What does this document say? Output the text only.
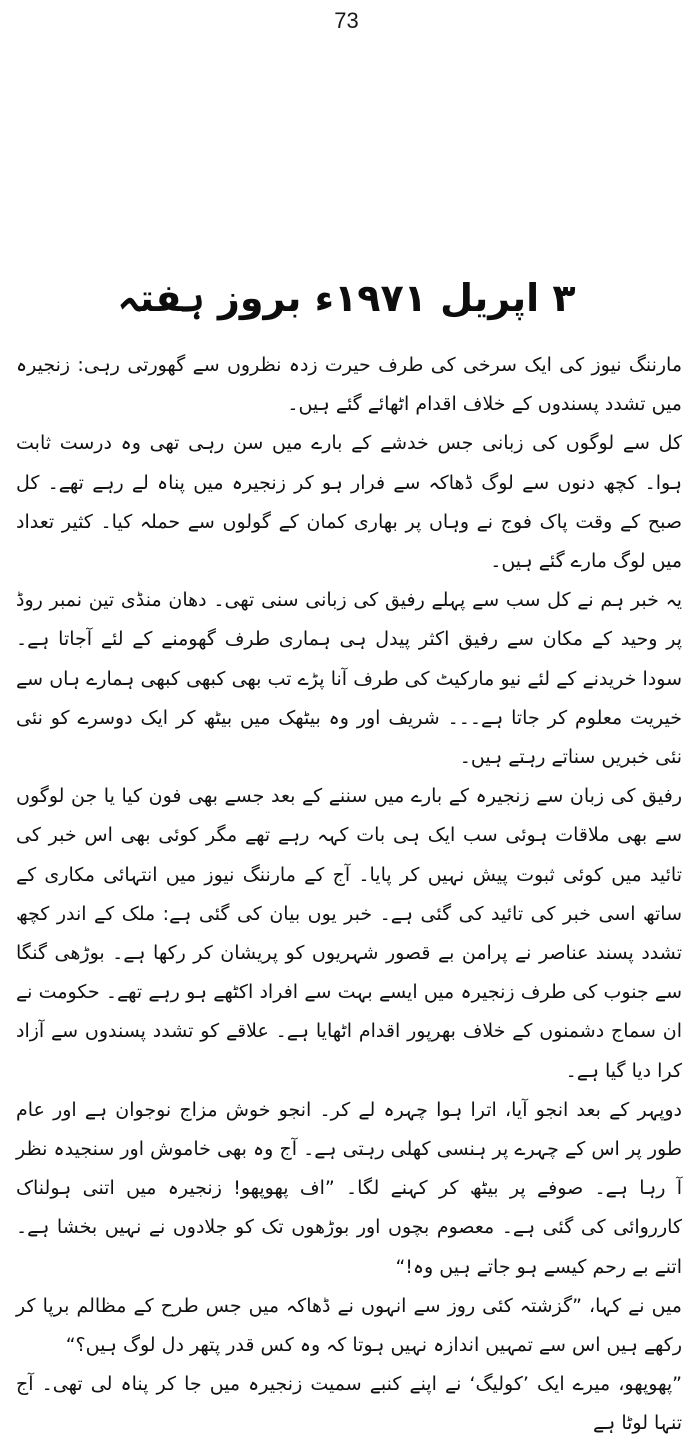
73
۳ اپریل ۱۹۷۱ء بروز ہفتہ

مارننگ نیوز کی ایک سرخی کی طرف حیرت زدہ نظروں سے گھورتی رہی: زنجیرہ میں تشدد پسندوں کے خلاف اقدام اٹھائے گئے ہیں۔

کل سے لوگوں کی زبانی جس خدشے کے بارے میں سن رہی تھی وہ درست ثابت ہوا۔ کچھ دنوں سے لوگ ڈھاکہ سے فرار ہو کر زنجیرہ میں پناہ لے رہے تھے۔ کل صبح کے وقت پاک فوج نے وہاں پر بھاری کمان کے گولوں سے حملہ کیا۔ کثیر تعداد میں لوگ مارے گئے ہیں۔

یہ خبر ہم نے کل سب سے پہلے رفیق کی زبانی سنی تھی۔ دھان منڈی تین نمبر روڈ پر وحید کے مکان سے رفیق اکثر پیدل ہی ہماری طرف گھومنے کے لئے آجاتا ہے۔ سودا خریدنے کے لئے نیو مارکیٹ کی طرف آنا پڑے تب بھی کبھی کبھی ہمارے ہاں سے خیریت معلوم کر جاتا ہے۔۔۔ شریف اور وہ بیٹھک میں بیٹھ کر ایک دوسرے کو نئی نئی خبریں سناتے رہتے ہیں۔

رفیق کی زبان سے زنجیرہ کے بارے میں سننے کے بعد جسے بھی فون کیا یا جن لوگوں سے بھی ملاقات ہوئی سب ایک ہی بات کہہ رہے تھے مگر کوئی بھی اس خبر کی تائید میں کوئی ثبوت پیش نہیں کر پایا۔ آج کے مارننگ نیوز میں انتہائی مکاری کے ساتھ اسی خبر کی تائید کی گئی ہے۔ خبر یوں بیان کی گئی ہے: ملک کے اندر کچھ تشدد پسند عناصر نے پرامن بے قصور شہریوں کو پریشان کر رکھا ہے۔ بوڑھی گنگا سے جنوب کی طرف زنجیرہ میں ایسے بہت سے افراد اکٹھے ہو رہے تھے۔ حکومت نے ان سماج دشمنوں کے خلاف بھرپور اقدام اٹھایا ہے۔ علاقے کو تشدد پسندوں سے آزاد کرا دیا گیا ہے۔

دوپہر کے بعد انجو آیا، اترا ہوا چہرہ لے کر۔ انجو خوش مزاج نوجوان ہے اور عام طور پر اس کے چہرے پر ہنسی کھلی رہتی ہے۔ آج وہ بھی خاموش اور سنجیدہ نظر آ رہا ہے۔ صوفے پر بیٹھ کر کہنے لگا۔ ”اف پھوپھو! زنجیرہ میں اتنی ہولناک کارروائی کی گئی ہے۔ معصوم بچوں اور بوڑھوں تک کو جلادوں نے نہیں بخشا ہے۔ اتنے بے رحم کیسے ہو جاتے ہیں وہ!“

میں نے کہا، ”گزشتہ کئی روز سے انہوں نے ڈھاکہ میں جس طرح کے مظالم برپا کر رکھے ہیں اس سے تمہیں اندازہ نہیں ہوتا کہ وہ کس قدر پتھر دل لوگ ہیں؟“

”پھوپھو، میرے ایک ’کولیگ‘ نے اپنے کنبے سمیت زنجیرہ میں جا کر پناہ لی تھی۔ آج تنہا لوٹا ہے
